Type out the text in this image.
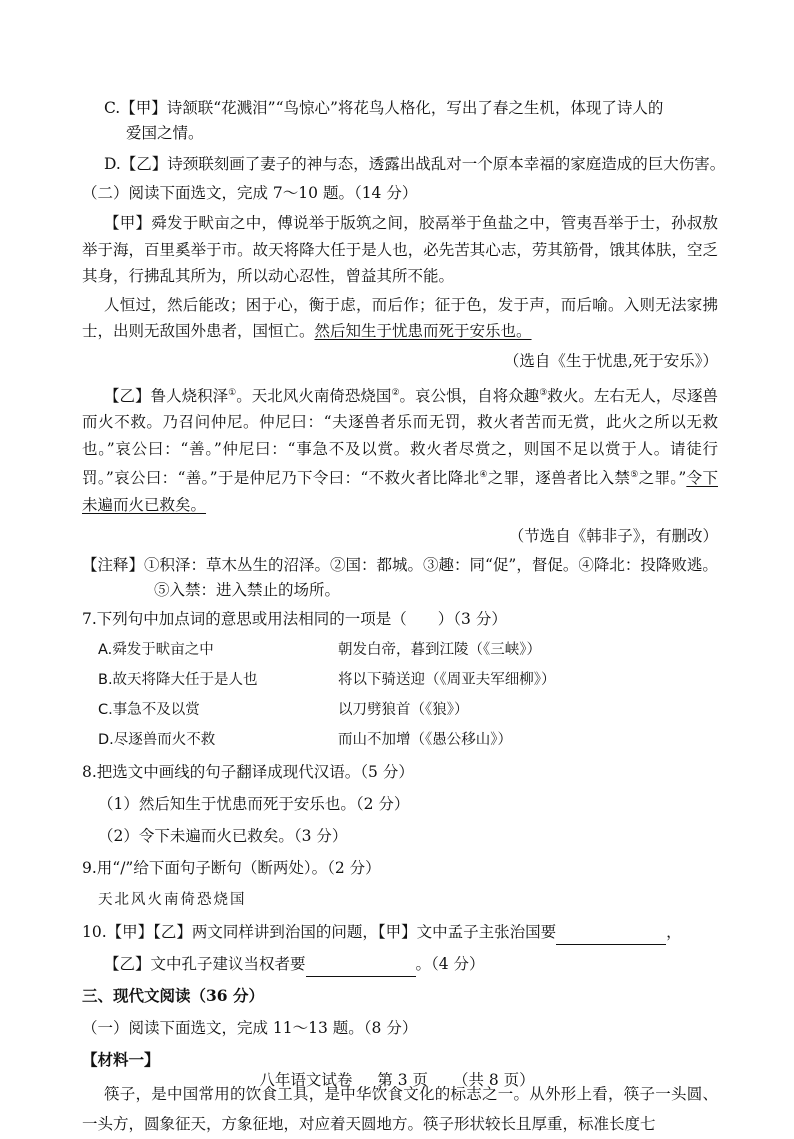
C.【甲】诗颔联“花溅泪”“鸟惊心”将花鸟人格化，写出了春之生机，体现了诗人的

爱国之情。

D.【乙】诗颈联刻画了妻子的神与态，透露出战乱对一个原本幸福的家庭造成的巨大伤害。

（二）阅读下面选文，完成 7～10 题。（14 分）

【甲】舜发于畎亩之中，傅说举于版筑之间，胶鬲举于鱼盐之中，管夷吾举于士，孙叔敖举于海，百里奚举于市。故天将降大任于是人也，必先苦其心志，劳其筋骨，饿其体肤，空乏其身，行拂乱其所为，所以动心忍性，曾益其所不能。

人恒过，然后能改；困于心，衡于虑，而后作；征于色，发于声，而后喻。入则无法家拂士，出则无敌国外患者，国恒亡。然后知生于忧患而死于安乐也。

（选自《生于忧患,死于安乐》）

【乙】鲁人烧积泽①。天北风火南倚恐烧国②。哀公惧，自将众趣③救火。左右无人，尽逐兽而火不救。乃召问仲尼。仲尼曰：“夫逐兽者乐而无罚，救火者苦而无赏，此火之所以无救也。”哀公曰：“善。”仲尼曰：“事急不及以赏。救火者尽赏之，则国不足以赏于人。请徒行罚。”哀公曰：“善。”于是仲尼乃下令曰：“不救火者比降北④之罪，逐兽者比入禁⑤之罪。”令下未遍而火已救矣。

（节选自《韩非子》，有删改）

【注释】①积泽：草木丛生的沼泽。②国：都城。③趣：同“促”，督促。④降北：投降败逃。

⑤入禁：进入禁止的场所。

7.下列句中加点词的意思或用法相同的一项是（　　）（3 分）

A.舜发于畎亩之中	朝发白帝，暮到江陵（《三峡》）
B.故天将降大任于是人也	将以下骑送迎（《周亚夫军细柳》）
C.事急不及以赏	以刀劈狼首（《狼》）
D.尽逐兽而火不救	而山不加增（《愚公移山》）

8.把选文中画线的句子翻译成现代汉语。（5 分）

（1）然后知生于忧患而死于安乐也。（2 分）

（2）令下未遍而火已救矣。（3 分）

9.用“/”给下面句子断句（断两处）。（2 分）

天北风火南倚恐烧国

10.【甲】【乙】两文同样讲到治国的问题，【甲】文中孟子主张治国要	，

【乙】文中孔子建议当权者要	。（4 分）

三、现代文阅读（36 分）

（一）阅读下面选文，完成 11～13 题。（8 分）

【材料一】

筷子，是中国常用的饮食工具，是中华饮食文化的标志之一。从外形上看，筷子一头圆、一头方，圆象征天，方象征地，对应着天圆地方。筷子形状较长且厚重，标准长度七

八年语文试卷 第 3 页 （共 8 页）
